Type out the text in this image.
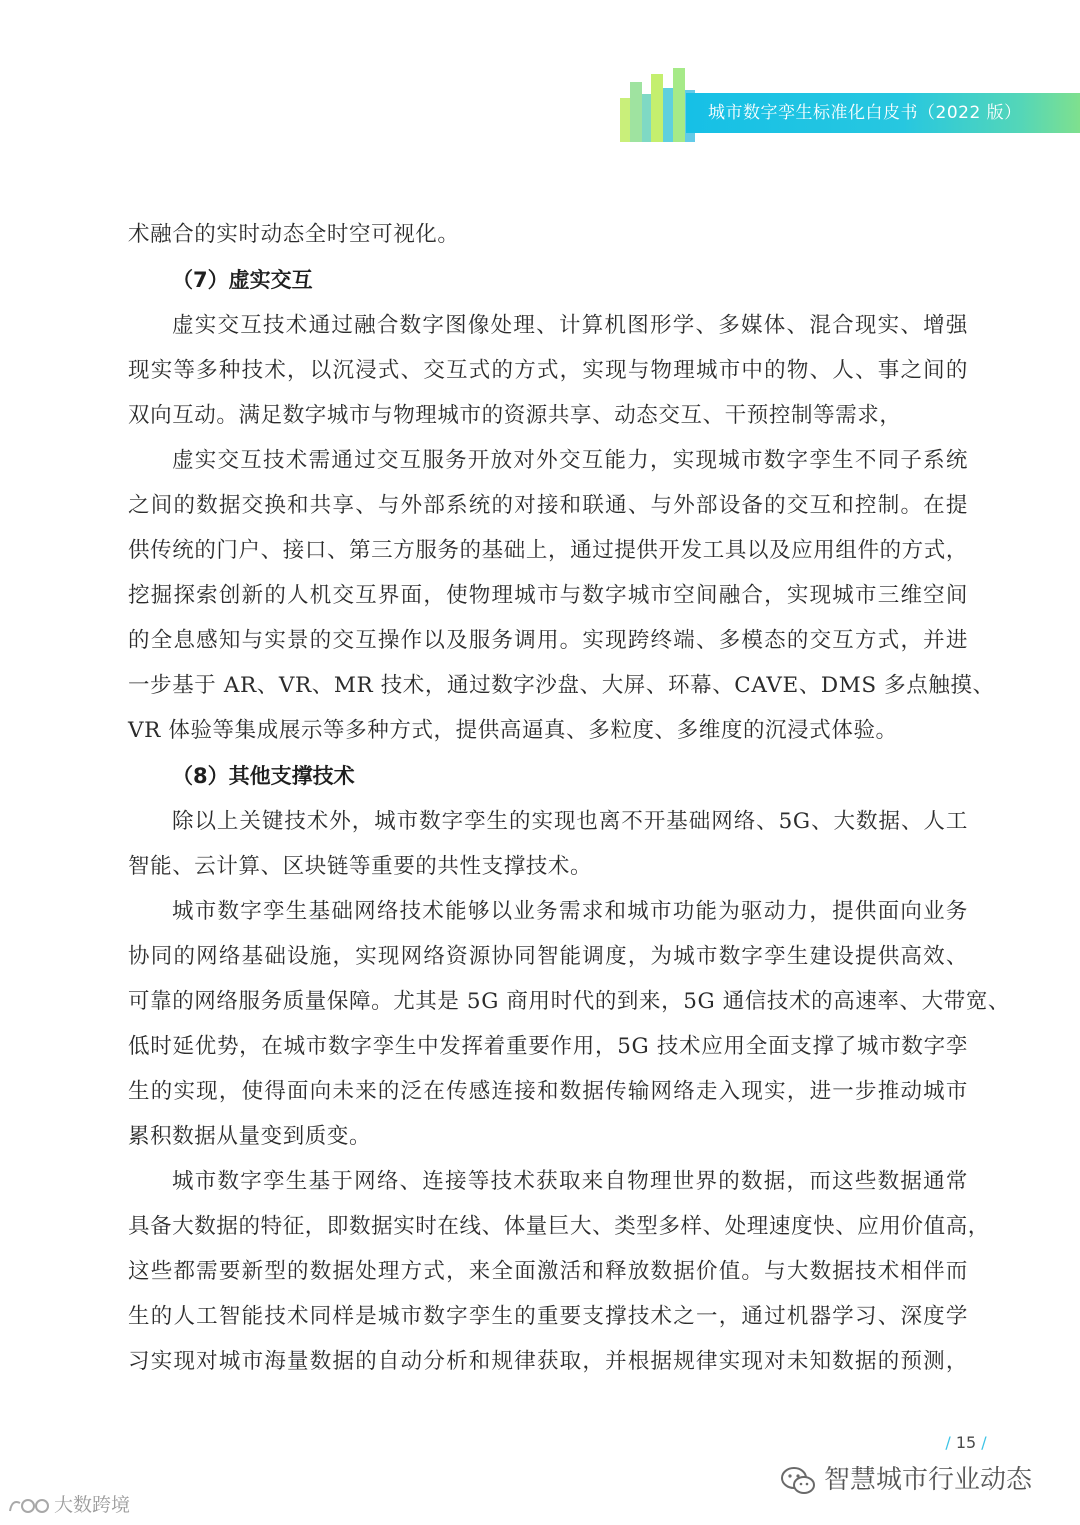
城市数字孪生标准化白皮书（2022 版）
术融合的实时动态全时空可视化。
（7）虚实交互
虚实交互技术通过融合数字图像处理、计算机图形学、多媒体、混合现实、增强
现实等多种技术，以沉浸式、交互式的方式，实现与物理城市中的物、人、事之间的
双向互动。满足数字城市与物理城市的资源共享、动态交互、干预控制等需求，
虚实交互技术需通过交互服务开放对外交互能力，实现城市数字孪生不同子系统
之间的数据交换和共享、与外部系统的对接和联通、与外部设备的交互和控制。在提
供传统的门户、接口、第三方服务的基础上，通过提供开发工具以及应用组件的方式，
挖掘探索创新的人机交互界面，使物理城市与数字城市空间融合，实现城市三维空间
的全息感知与实景的交互操作以及服务调用。实现跨终端、多模态的交互方式，并进
一步基于 AR、VR、MR 技术，通过数字沙盘、大屏、环幕、CAVE、DMS 多点触摸、
VR 体验等集成展示等多种方式，提供高逼真、多粒度、多维度的沉浸式体验。
（8）其他支撑技术
除以上关键技术外，城市数字孪生的实现也离不开基础网络、5G、大数据、人工
智能、云计算、区块链等重要的共性支撑技术。
城市数字孪生基础网络技术能够以业务需求和城市功能为驱动力，提供面向业务
协同的网络基础设施，实现网络资源协同智能调度，为城市数字孪生建设提供高效、
可靠的网络服务质量保障。尤其是 5G 商用时代的到来，5G 通信技术的高速率、大带宽、
低时延优势，在城市数字孪生中发挥着重要作用，5G 技术应用全面支撑了城市数字孪
生的实现，使得面向未来的泛在传感连接和数据传输网络走入现实，进一步推动城市
累积数据从量变到质变。
城市数字孪生基于网络、连接等技术获取来自物理世界的数据，而这些数据通常
具备大数据的特征，即数据实时在线、体量巨大、类型多样、处理速度快、应用价值高，
这些都需要新型的数据处理方式，来全面激活和释放数据价值。与大数据技术相伴而
生的人工智能技术同样是城市数字孪生的重要支撑技术之一，通过机器学习、深度学
习实现对城市海量数据的自动分析和规律获取，并根据规律实现对未知数据的预测，
/ 15 /
智慧城市行业动态
大数跨境
